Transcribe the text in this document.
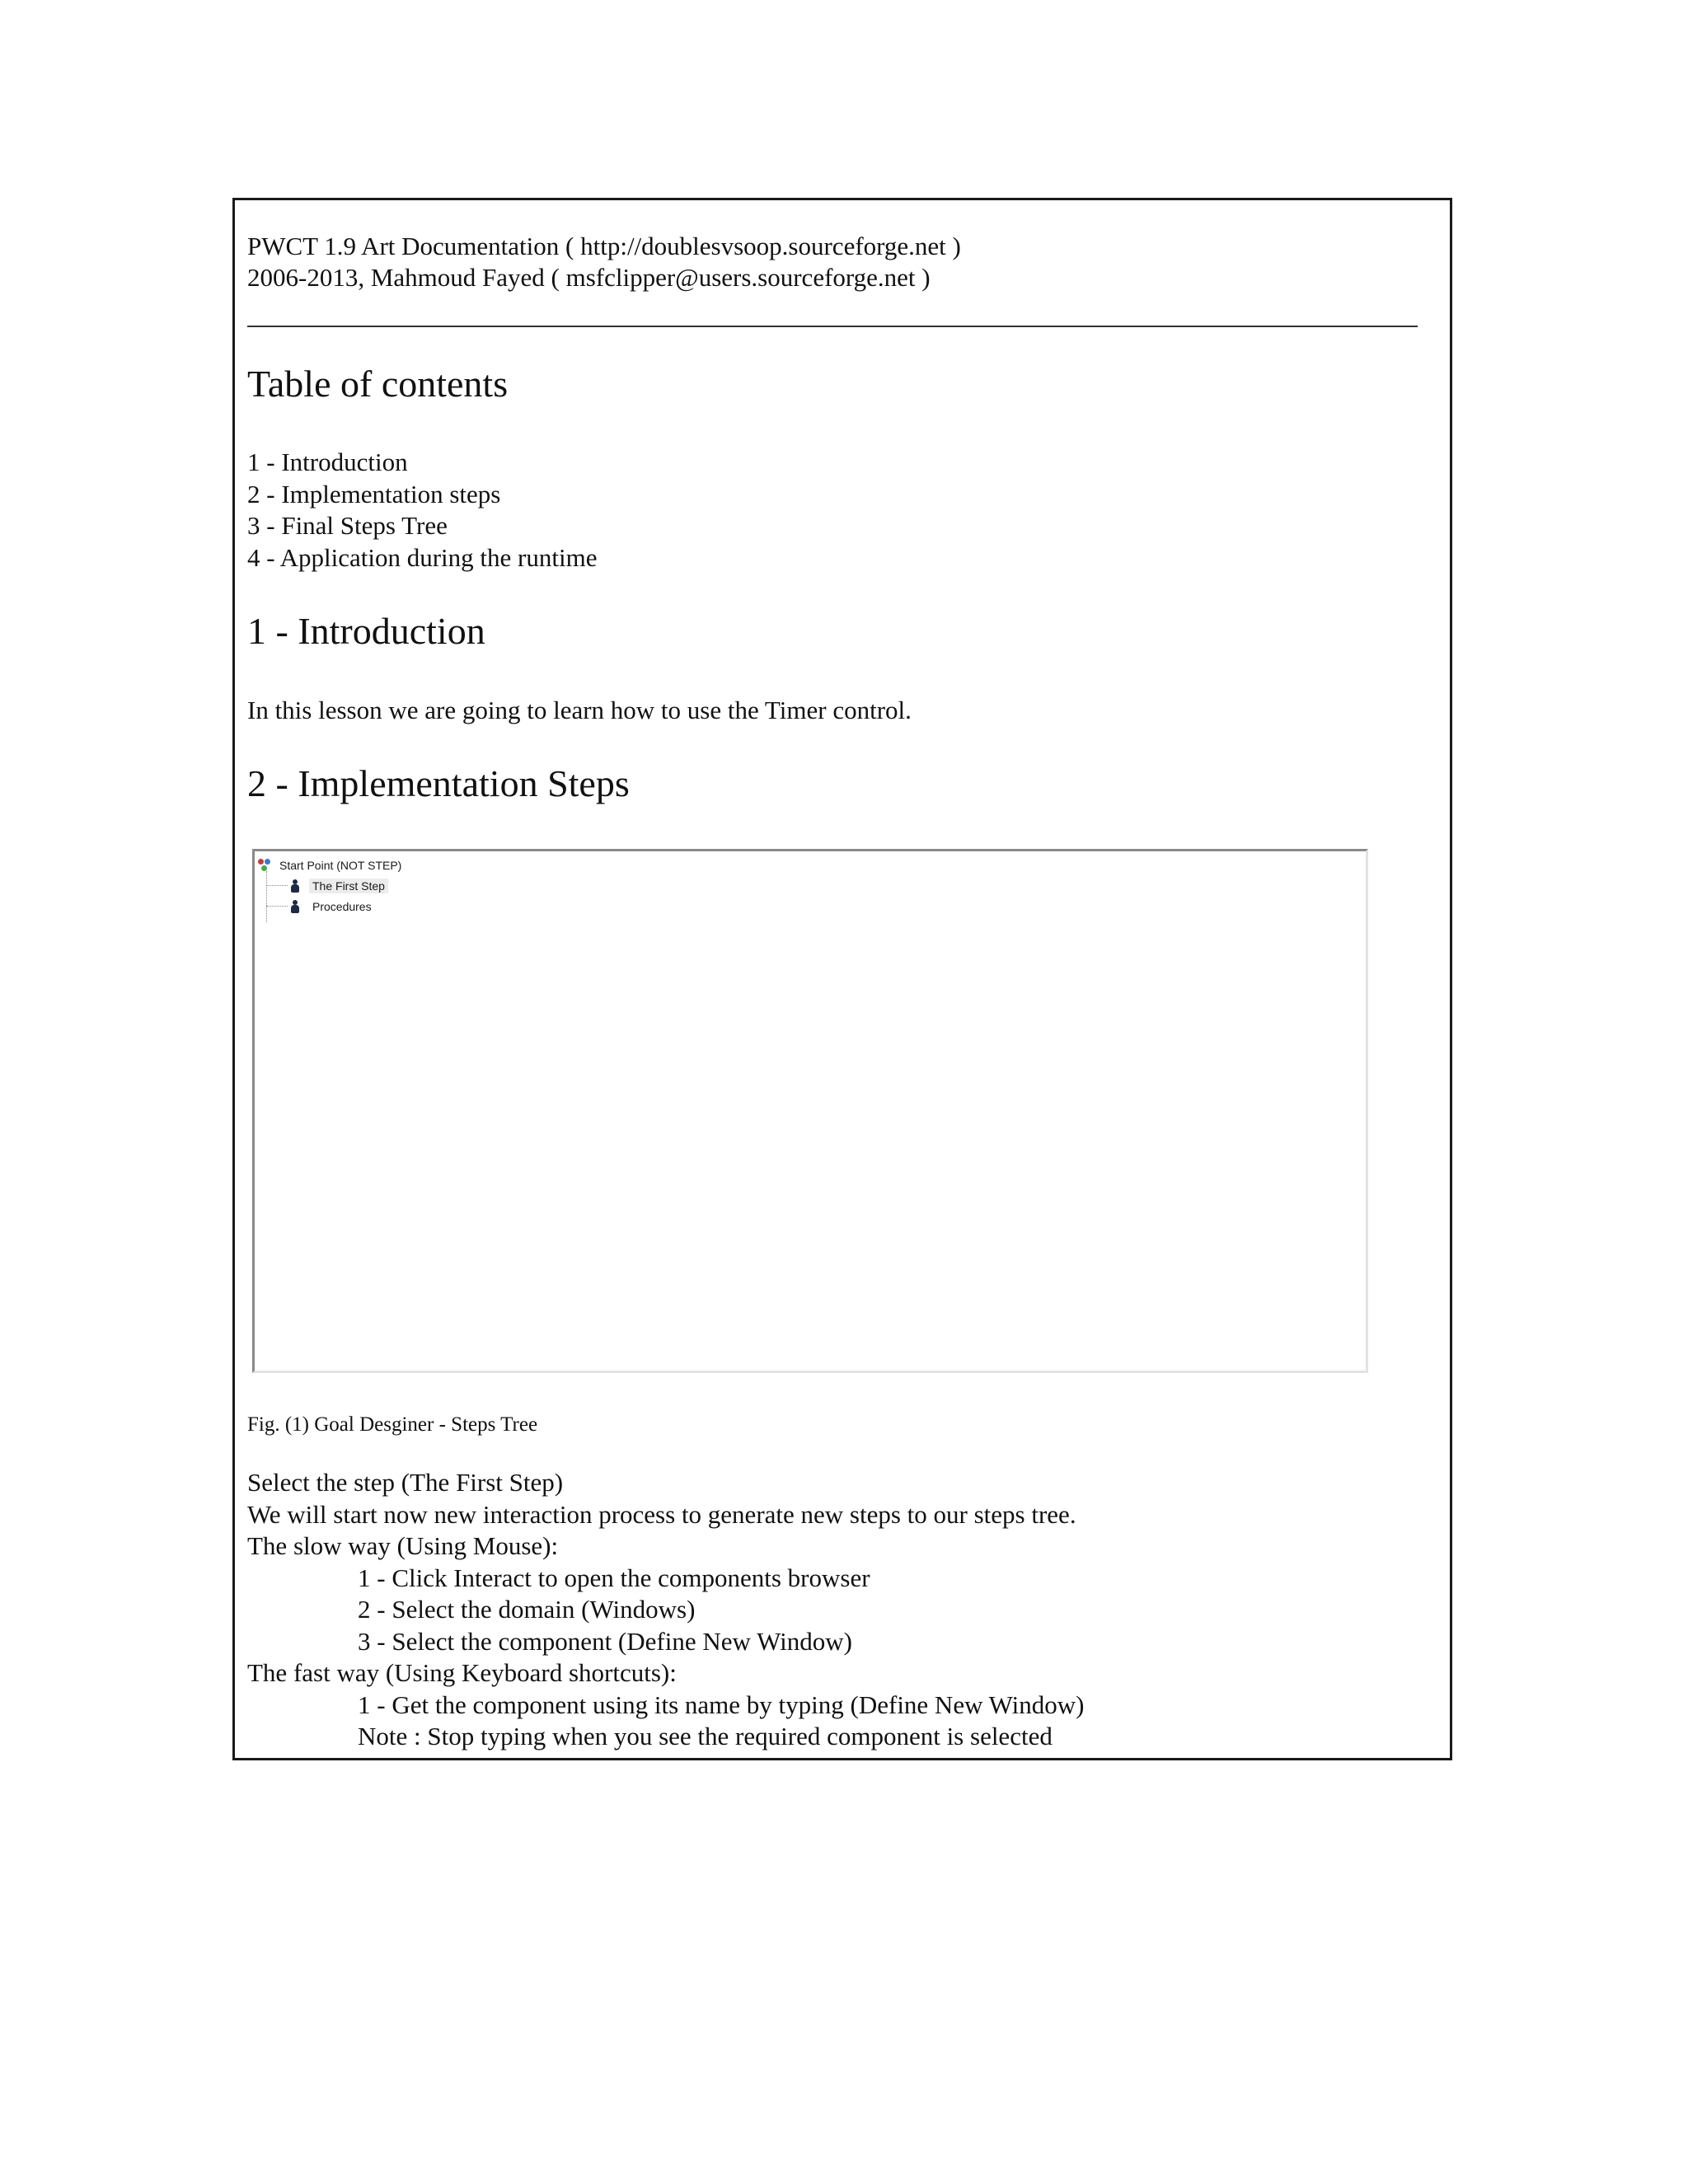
PWCT 1.9 Art Documentation ( http://doublesvsoop.sourceforge.net )
2006-2013, Mahmoud Fayed ( msfclipper@users.sourceforge.net )
Table of contents
1 - Introduction
2 - Implementation steps
3 - Final Steps Tree
4 - Application during the runtime
1 - Introduction
In this lesson we are going to learn how to use the Timer control.
2 - Implementation Steps
Start Point (NOT STEP)
The First Step
Procedures
Fig. (1) Goal Desginer - Steps Tree
Select the step (The First Step)
We will start now new interaction process to generate new steps to our steps tree.
The slow way (Using Mouse):
1 - Click Interact to open the components browser
2 - Select the domain (Windows)
3 - Select the component (Define New Window)
The fast way (Using Keyboard shortcuts):
1 - Get the component using its name by typing (Define New Window)
Note : Stop typing when you see the required component is selected
